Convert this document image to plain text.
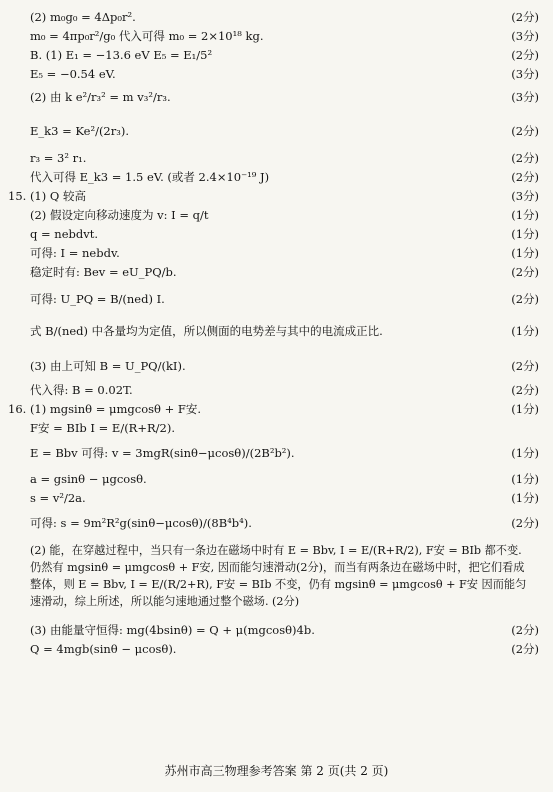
(2) m₀g₀ = 4Δp₀r².	(2分)
m₀ = 4πp₀r²/g₀ 代入可得 m₀ = 2×10¹⁸ kg.	(3分)
B. (1) E₁ = −13.6 eV E₅ = E₁/5²	(2分)
E₅ = −0.54 eV.	(3分)
(2) 由 k e²/r₃² = m v₃²/r₃.	(3分)
E_k3 = Ke²/(2r₃).	(2分)
r₃ = 3² r₁.	(2分)
代入可得 E_k3 = 1.5 eV. (或者 2.4×10⁻¹⁹ J)	(2分)
15. (1) Q 较高	(3分)
(2) 假设定向移动速度为 v: I = q/t	(1分)
q = nebdvt.	(1分)
可得: I = nebdv.	(1分)
稳定时有: Bev = eU_PQ/b.	(2分)
可得: U_PQ = B/(ned) I.	(2分)
式 B/(ned) 中各量均为定值，所以侧面的电势差与其中的电流成正比.	(1分)
(3) 由上可知 B = U_PQ/(kI).	(2分)
代入得: B = 0.02T.	(2分)
16. (1) mgsinθ = μmgcosθ + F安.	(1分)
F安 = BIb I = E/(R+R/2).
E = Bbv 可得: v = 3mgR(sinθ−μcosθ)/(2B²b²).	(1分)
a = gsinθ − μgcosθ.	(1分)
s = v²/2a.	(1分)
可得: s = 9m²R²g(sinθ−μcosθ)/(8B⁴b⁴).	(2分)
(2) 能，在穿越过程中，当只有一条边在磁场中时有 E = Bbv, I = E/(R+R/2), F安 = BIb 都不变. 仍然有 mgsinθ = μmgcosθ + F安, 因而能匀速滑动(2分)，而当有两条边在磁场中时，把它们看成整体，则 E = Bbv, I = E/(R/2+R), F安 = BIb 不变，仍有 mgsinθ = μmgcosθ + F安 因而能匀速滑动，综上所述，所以能匀速地通过整个磁场. (2分)
(3) 由能量守恒得: mg(4bsinθ) = Q + μ(mgcosθ)4b.	(2分)
Q = 4mgb(sinθ − μcosθ).	(2分)
苏州市高三物理参考答案 第 2 页(共 2 页)
